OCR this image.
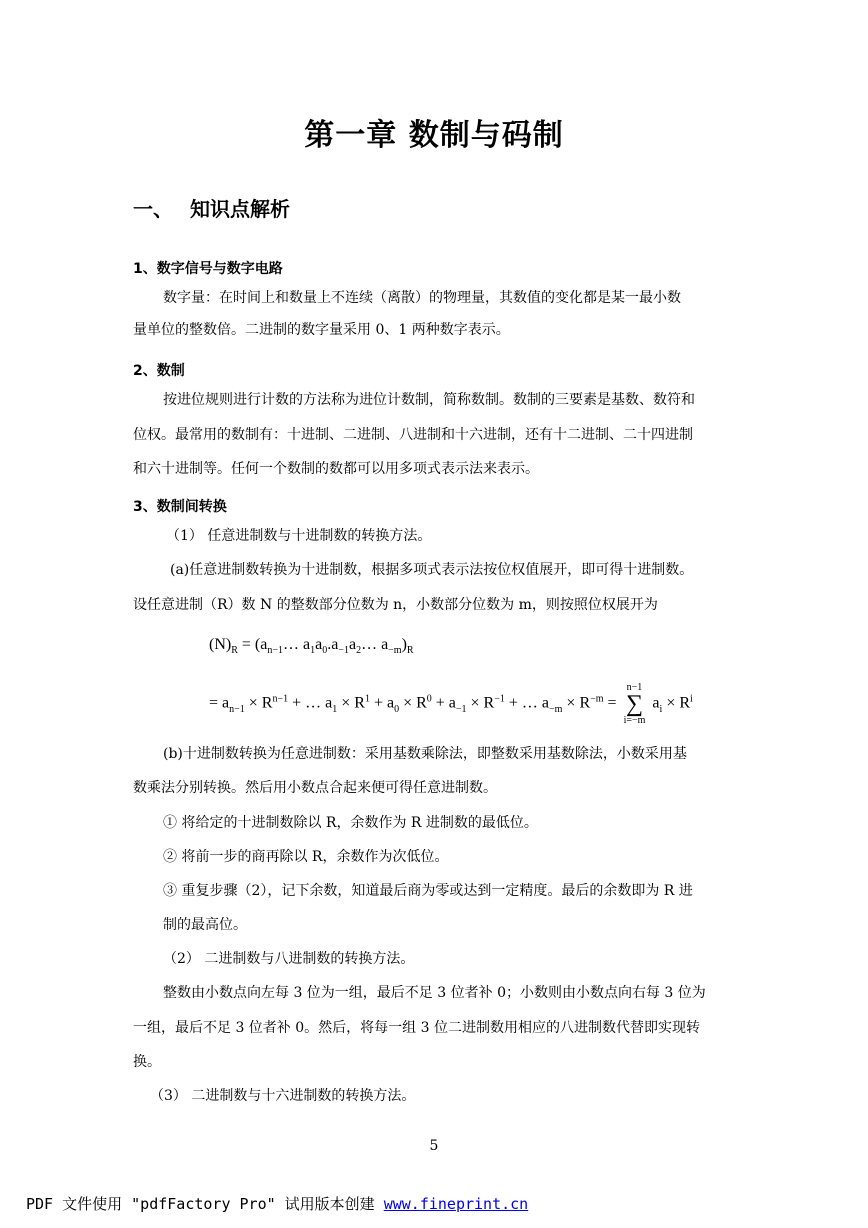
第一章 数制与码制
一、 知识点解析
1、数字信号与数字电路
数字量：在时间上和数量上不连续（离散）的物理量，其数值的变化都是某一最小数
量单位的整数倍。二进制的数字量采用 0、1 两种数字表示。
2、数制
按进位规则进行计数的方法称为进位计数制，简称数制。数制的三要素是基数、数符和
位权。最常用的数制有：十进制、二进制、八进制和十六进制，还有十二进制、二十四进制
和六十进制等。任何一个数制的数都可以用多项式表示法来表示。
3、数制间转换
（1） 任意进制数与十进制数的转换方法。
(a)任意进制数转换为十进制数，根据多项式表示法按位权值展开，即可得十进制数。
设任意进制（R）数 N 的整数部分位数为 n，小数部分位数为 m，则按照位权展开为
$(N)_R$ = ($a_{n-1}\dots$ $a_1a_0.a_{-1}a_2\dots$ $a_{-m})_R$
= $a_{n-1} \times R^{n-1}$ + … $a_1 \times R^1 + a_0 \times R^0 + a_{-1} \times R^{-1}$ + … $a_{-m} \times R^{-m} = n-1$
∑
i=−m $a_i \times R^i$
(b)十进制数转换为任意进制数：采用基数乘除法，即整数采用基数除法，小数采用基
数乘法分别转换。然后用小数点合起来便可得任意进制数。
① 将给定的十进制数除以 R，余数作为 R 进制数的最低位。
② 将前一步的商再除以 R，余数作为次低位。
③ 重复步骤（2），记下余数，知道最后商为零或达到一定精度。最后的余数即为 R 进
制的最高位。
（2） 二进制数与八进制数的转换方法。
整数由小数点向左每 3 位为一组，最后不足 3 位者补 0；小数则由小数点向右每 3 位为
一组，最后不足 3 位者补 0。然后，将每一组 3 位二进制数用相应的八进制数代替即实现转
换。
（3） 二进制数与十六进制数的转换方法。
5
PDF 文件使用 "pdfFactory Pro" 试用版本创建 www.fineprint.cn
